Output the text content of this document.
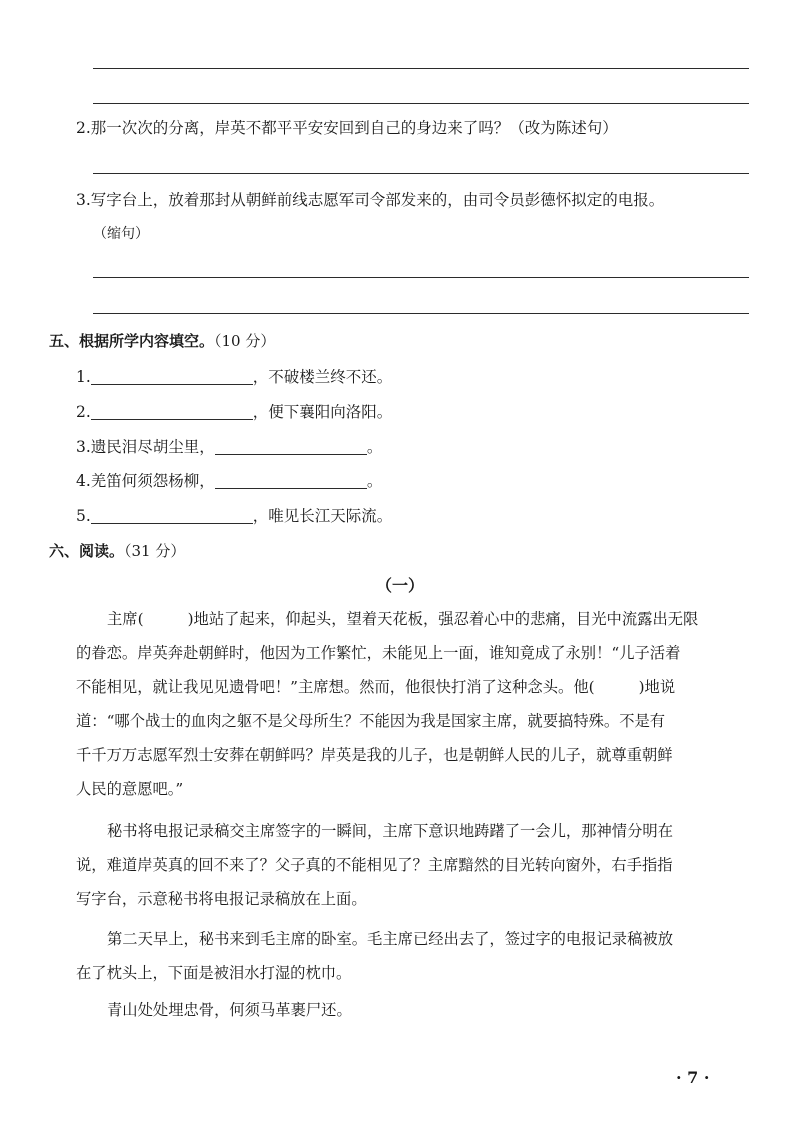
2.那一次次的分离，岸英不都平平安安回到自己的身边来了吗？（改为陈述句）
3.写字台上，放着那封从朝鲜前线志愿军司令部发来的，由司令员彭德怀拟定的电报。
（缩句）
五、根据所学内容填空。（10 分）
1.	，不破楼兰终不还。
2.	，便下襄阳向洛阳。
3.遗民泪尽胡尘里，	。
4.羌笛何须怨杨柳，	。
5.	，唯见长江天际流。
六、阅读。（31 分）
（一）
主席(	)地站了起来，仰起头，望着天花板，强忍着心中的悲痛，目光中流露出无限
的眷恋。岸英奔赴朝鲜时，他因为工作繁忙，未能见上一面，谁知竟成了永别！“儿子活着
不能相见，就让我见见遗骨吧！”主席想。然而，他很快打消了这种念头。他(	)地说
道：“哪个战士的血肉之躯不是父母所生？不能因为我是国家主席，就要搞特殊。不是有
千千万万志愿军烈士安葬在朝鲜吗？岸英是我的儿子，也是朝鲜人民的儿子，就尊重朝鲜
人民的意愿吧。”
秘书将电报记录稿交主席签字的一瞬间，主席下意识地踌躇了一会儿，那神情分明在
说，难道岸英真的回不来了？父子真的不能相见了？主席黯然的目光转向窗外，右手指指
写字台，示意秘书将电报记录稿放在上面。
第二天早上，秘书来到毛主席的卧室。毛主席已经出去了，签过字的电报记录稿被放
在了枕头上，下面是被泪水打湿的枕巾。
青山处处埋忠骨，何须马革裹尸还。
· 7 ·
